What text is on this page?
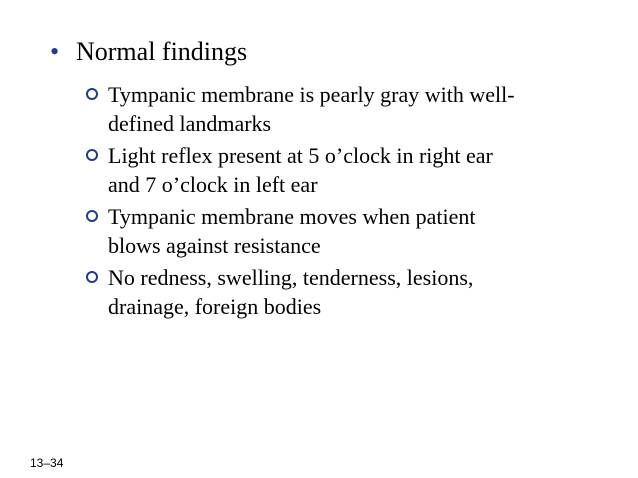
• Normal findings
Tympanic membrane is pearly gray with well-defined landmarks
Light reflex present at 5 o’clock in right ear and 7 o’clock in left ear
Tympanic membrane moves when patient blows against resistance
No redness, swelling, tenderness, lesions, drainage, foreign bodies
13–34
